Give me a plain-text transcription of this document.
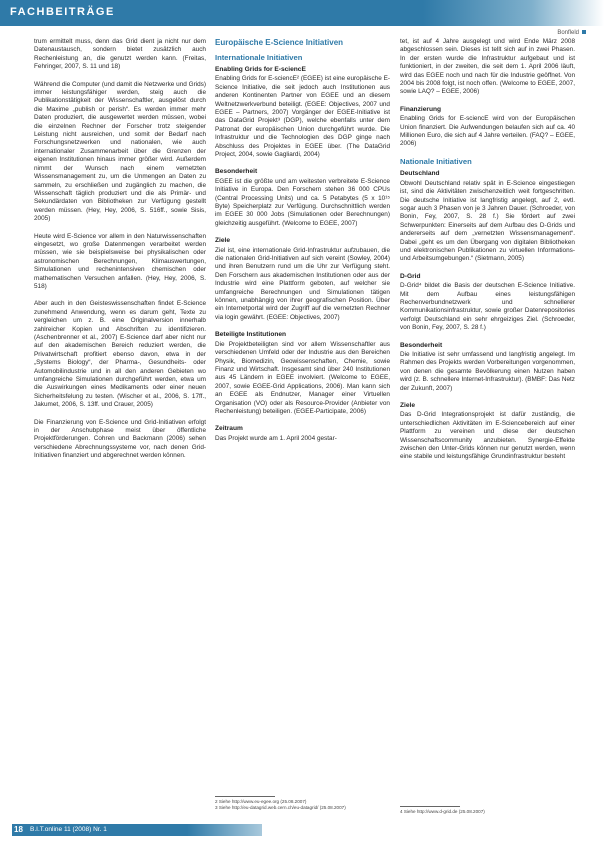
FACHBEITRÄGE
Bonfleld

trum ermittelt muss, denn das Grid dient ja nicht nur dem Datenaustausch, sondern bietet zusätzlich auch Rechenleistung an, die genutzt werden kann. (Freitas, Fehringer, 2007, S. 11 und 18)

Während die Computer (und damit die Netzwerke und Grids) immer leistungsfähiger werden, steig auch die Publikationstätigkeit der Wissenschaftler, ausgelöst durch die Maxime „publish or perish“. Es werden immer mehr Daten produziert, die ausgewertet werden müssen, wobei die einzelnen Rechner der Forscher trotz steigender Leistung nicht ausreichen, und somit der Bedarf nach Forschungsnetzwerken und nationalen, wie auch internationaler Zusammenarbeit über die Grenzen der eigenen Institutionen hinaus immer größer wird. Außerdem nimmt der Wunsch nach einem vernetzten Wissensmanagement zu, um die Unmengen an Daten zu sammeln, zu erschließen und zugänglich zu machen, die Wissenschaft täglich produziert und die als Primär- und Sekundärdaten von Bibliotheken zur Verfügung gestellt werden müssen. (Hey, Hey, 2006, S. 516ff., sowie Sisis, 2005)

Heute wird E-Science vor allem in den Naturwissenschaften eingesetzt, wo große Datenmengen verarbeitet werden müssen, wie sie beispielsweise bei physikalischen oder astronomischen Berechnungen, Klimauswertungen, Simulationen und rechenintensiven chemischen oder mathematischen Versuchen anfallen. (Hey, Hey, 2006, S. 518)

Aber auch in den Geisteswissenschaften findet E-Science zunehmend Anwendung, wenn es darum geht, Texte zu vergleichen um z. B. eine Originalversion innerhalb zahlreicher Kopien und Abschriften zu identifizieren. (Aschenbrenner et al., 2007) E-Science darf aber nicht nur auf den akademischen Bereich reduziert werden, die Privatwirtschaft profitiert ebenso davon, etwa in der „Systems Biology“, der Pharma-, Gesundheits- oder Automobilindustrie und in all den anderen Gebieten wo umfangreiche Simulationen durchgeführt werden, etwa um die Auswirkungen eines Medikaments oder einer neuen Sicherheitsfelung zu testen. (Wischer et al., 2006, S. 17ff., Jakumet, 2006, S. 13ff. und Crauer, 2005)

Die Finanzierung von E-Science und Grid-Initiativen erfolgt in der Anschubphase meist über öffentliche Projektförderungen. Cohren und Backmann (2006) sehen verschiedene Abrechnungssysteme vor, nach denen Grid-Initiativen finanziert und abgerechnet werden können.

Europäische E-Science Initiativen
Internationale Initiativen
Enabling Grids for E-sciencE

Enabling Grids for E-sciencE² (EGEE) ist eine europäische E-Science Initiative, die seit jedoch auch Institutionen aus anderen Kontinenten Partner von EGEE und an diesem Weltnetzwerkverbund beteiligt. (EGEE: Objectives, 2007 und EGEE – Partners, 2007) Vorgänger der EGEE-Initiative ist das DataGrid Projekt³ (DGP), welche ebenfalls unter dem Patronat der europäischen Union durchgeführt wurde. Die Infrastruktur und die Technologien des DGP ginge nach Abschluss des Projektes in EGEE über. (The DataGrid Project, 2004, sowie Gagliardi, 2004)

Besonderheit

EGEE ist die größte und am weitesten verbreitete E-Science Initiative in Europa. Den Forschern stehen 36 000 CPUs (Central Processing Units) und ca. 5 Petabytes (5 x 10¹⁵ Byte) Speicherplatz zur Verfügung. Durchschnittlich werden im EGEE 30 000 Jobs (Simulationen oder Berechnungen) gleichzeitig ausgeführt. (Welcome to EGEE, 2007)

Ziele

Ziel ist, eine internationale Grid-Infrastruktur aufzubauen, die die nationalen Grid-Initiativen auf sich vereint (Sowley, 2004) und ihren Benutzern rund um die Uhr zur Verfügung steht. Den Forschern aus akademischen Institutionen oder aus der Industrie wird eine Plattform geboten, auf welcher sie umfangreiche Berechnungen und Simulationen tätigen können, unabhängig von ihrer geografischen Position. Über ein Internetportal wird der Zugriff auf die vernetzten Rechner via login gewährt. (EGEE: Objectives, 2007)

Beteiligte Institutionen

Die Projektbeteiligten sind vor allem Wissenschaftler aus verschiedenen Umfeld oder der Industrie aus den Bereichen Physik, Biomedizin, Geowissenschaften, Chemie, sowie Finanz und Wirtschaft. Insgesamt sind über 240 Institutionen aus 45 Ländern in EGEE involviert. (Welcome to EGEE, 2007, sowie EGEE-Grid Applications, 2006). Man kann sich an EGEE als Endnutzer, Manager einer Virtuellen Organisation (VO) oder als Resource-Provider (Anbieter von Rechenleistung) beteiligen. (EGEE-Participate, 2006)

Zeitraum

Das Projekt wurde am 1. April 2004 gestar-

2 Siehe http://www.eu-egee.org (25.08.2007)
3 Siehe http://eu-datagrid.web.cern.ch/eu-datagrid/ (25.08.2007)

tet, ist auf 4 Jahre ausgelegt und wird Ende März 2008 abgeschlossen sein. Dieses ist tellt sich auf in zwei Phasen. In der ersten wurde die Infrastruktur aufgebaut und ist funktioniert, in der zweiten, die seit dem 1. April 2006 läuft, wird das EGEE noch und nach für die Industrie geöffnet. Von 2004 bis 2008 folgt, ist noch offen. (Welcome to EGEE, 2007, sowie LAQ? – EGEE, 2006)

Finanzierung

Enabling Grids for E-sciencE wird von der Europäischen Union finanziert. Die Aufwendungen belaufen sich auf ca. 40 Millionen Euro, die sich auf 4 Jahre verteilen. (FAQ? – EGEE, 2006)

Nationale Initiativen
Deutschland

Obwohl Deutschland relativ spät in E-Science eingestiegen ist, sind die Aktivitäten zwischenzeitlich weit fortgeschritten. Die deutsche Initiative ist langfristig angelegt, auf 2, evtl. sogar auch 3 Phasen von je 3 Jahren Dauer. (Schroeder, von Bonin, Fey, 2007, S. 28 f.) Sie fördert auf zwei Schwerpunkten: Einerseits auf dem Aufbau des D-Grids und andererseits auf dem „vernetzten Wissensmanagement“. Dabei „geht es um den Übergang von digitalen Bibliotheken und elektronischen Publikationen zu virtuellen Informations- und Arbeitsumgebungen.“ (Sietmann, 2005)

D-Grid

D-Grid⁴ bildet die Basis der deutschen E-Science Initiative. Mit dem Aufbau eines leistungsfähigen Rechenverbundnetzwerk und schnellerer Kommunikationsinfrastruktur, sowie großer Datenrepositories verfolgt Deutschland ein sehr ehrgeiziges Ziel. (Schroeder, von Bonin, Fey, 2007, S. 28 f.)

Besonderheit

Die Initiative ist sehr umfassend und langfristig angelegt. Im Rahmen des Projekts werden Vorbereitungen vorgenommen, von denen die gesamte Bevölkerung einen Nutzen haben wird (z. B. schnellere Internet-Infrastruktur). (BMBF: Das Netz der Zukunft, 2007)

Ziele

Das D-Grid Integrationsprojekt ist dafür zuständig, die unterschiedlichen Aktivitäten im E-Sciencebereich auf einer Plattform zu vereinen und diese der deutschen Wissenschaftscommunity anzubieten. Synergie-Effekte zwischen den Unter-Grids können nur genutzt werden, wenn eine stabile und leistungsfähige Grundinfrastruktur besteht

4 Siehe http://www.d-grid.de (25.08.2007)
18 B.I.T.online 11 (2008) Nr. 1
